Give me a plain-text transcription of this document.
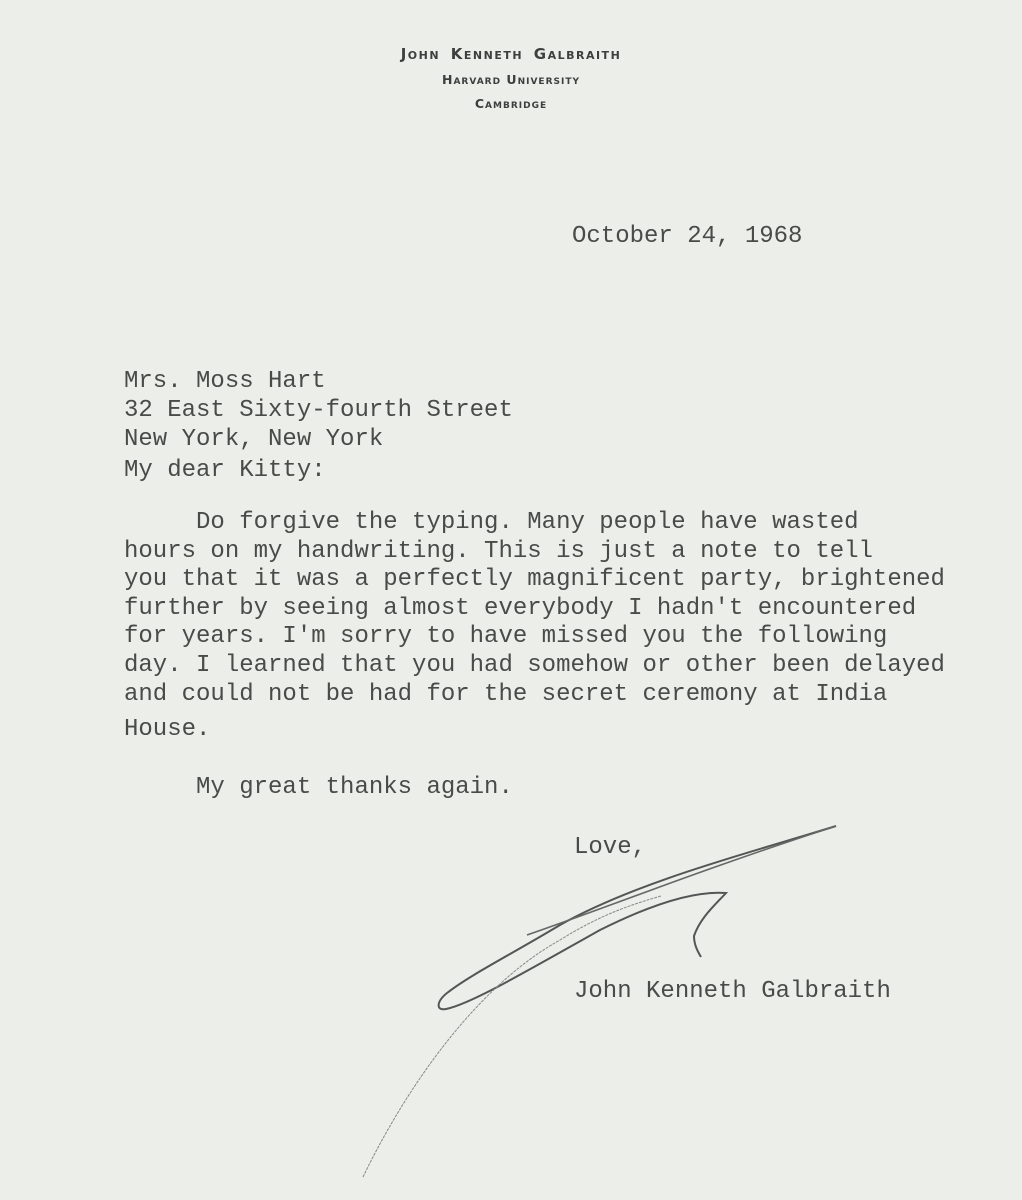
John Kenneth Galbraith
Harvard University
Cambridge
October 24, 1968
Mrs. Moss Hart
32 East Sixty-fourth Street
New York, New York
My dear Kitty:
Do forgive the typing. Many people have wasted
hours on my handwriting. This is just a note to tell
you that it was a perfectly magnificent party, brightened
further by seeing almost everybody I hadn't encountered
for years. I'm sorry to have missed you the following
day. I learned that you had somehow or other been delayed
and could not be had for the secret ceremony at India
House.
My great thanks again.
Love,
John Kenneth Galbraith
